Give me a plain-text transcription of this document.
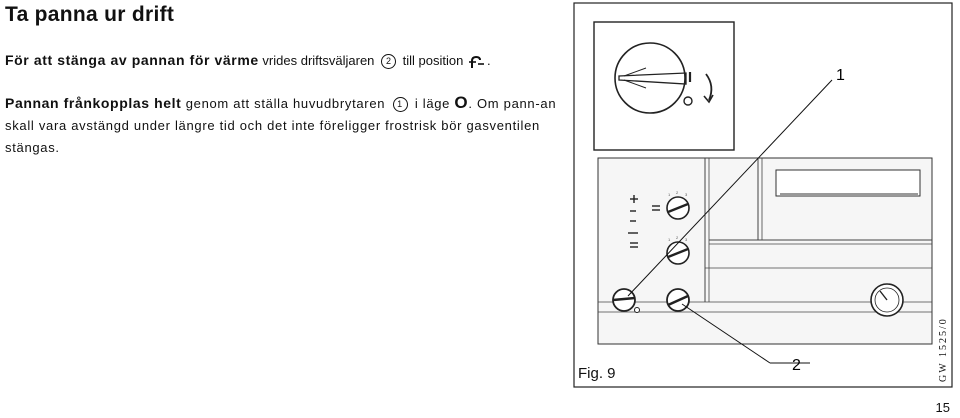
Ta panna ur drift
För att stänga av pannan för värme vrides driftsväljaren 2 till position .
Pannan frånkopplas helt genom att ställa huvudbrytaren 1 i läge O. Om pann-an skall vara avstängd under längre tid och det inte föreligger frostrisk bör gasventilen stängas.
1 2 3
1 2 3
1
2
Fig. 9	GW 1525/0
15
